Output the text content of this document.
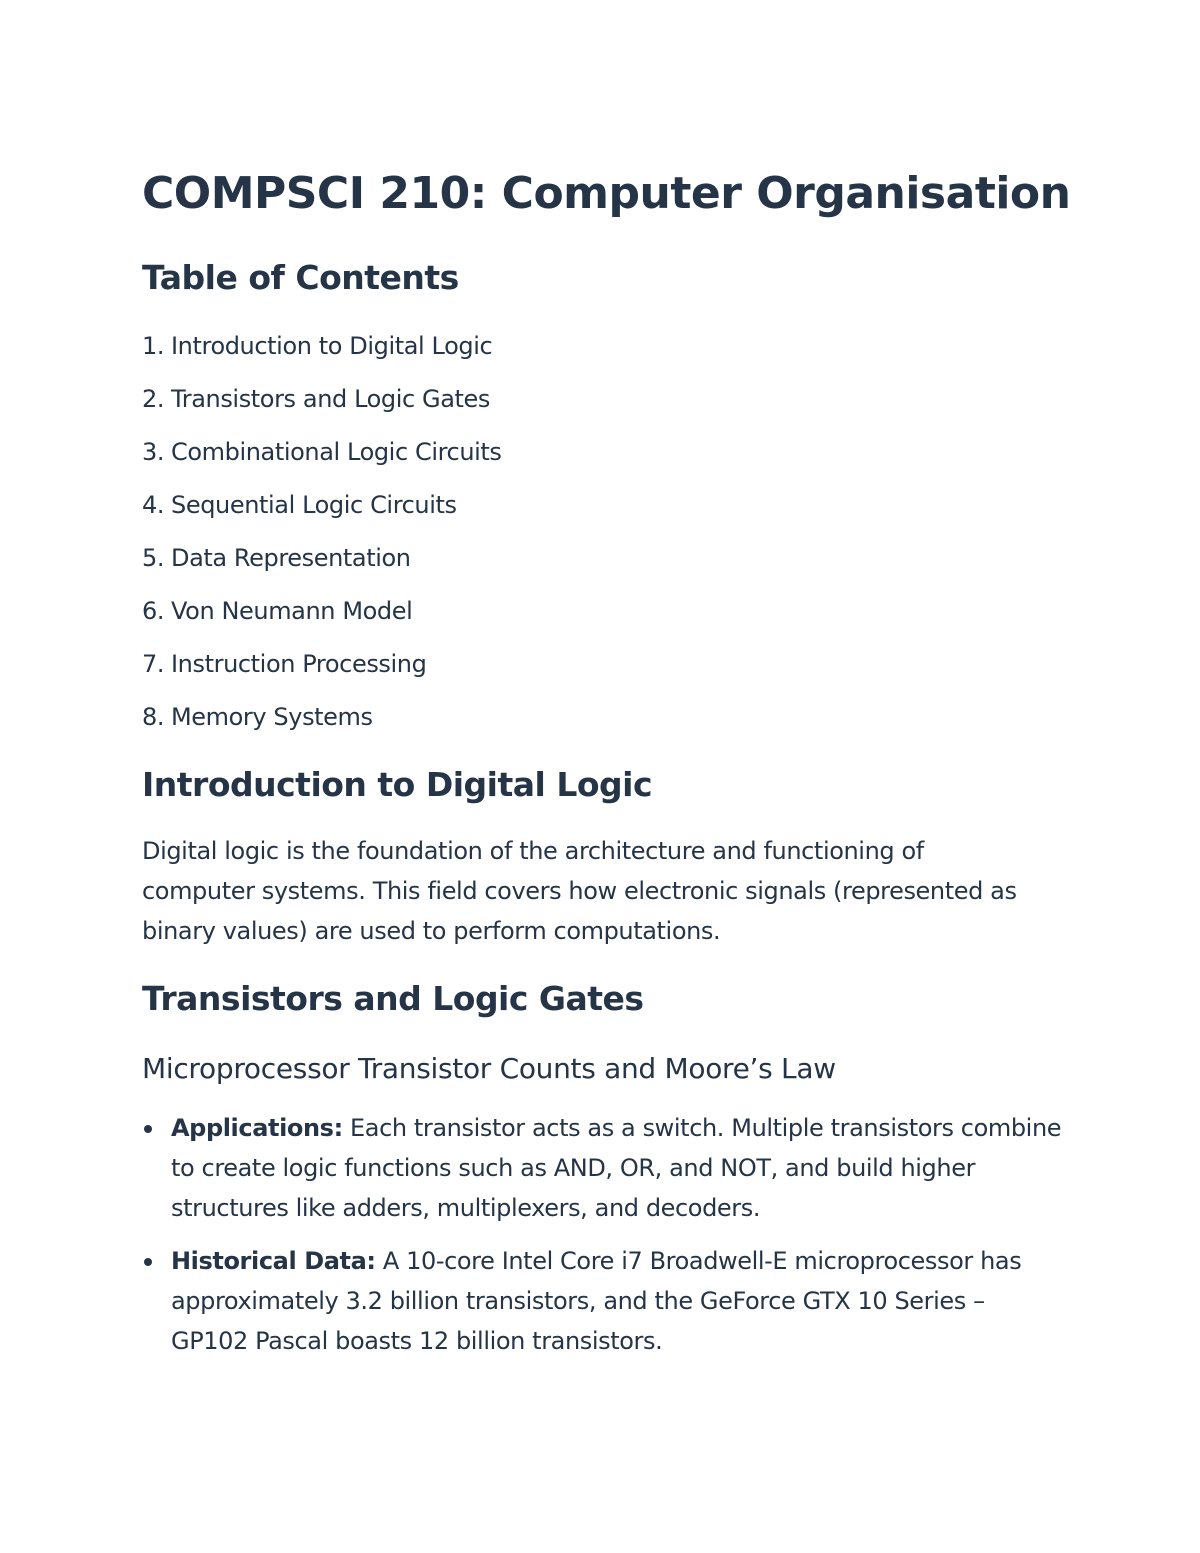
COMPSCI 210: Computer Organisation
Table of Contents
1. Introduction to Digital Logic
2. Transistors and Logic Gates
3. Combinational Logic Circuits
4. Sequential Logic Circuits
5. Data Representation
6. Von Neumann Model
7. Instruction Processing
8. Memory Systems
Introduction to Digital Logic

Digital logic is the foundation of the architecture and functioning of computer systems. This field covers how electronic signals (represented as binary values) are used to perform computations.

Transistors and Logic Gates
Microprocessor Transistor Counts and Moore’s Law
Applications: Each transistor acts as a switch. Multiple transistors combine to create logic functions such as AND, OR, and NOT, and build higher structures like adders, multiplexers, and decoders.
Historical Data: A 10-core Intel Core i7 Broadwell-E microprocessor has approximately 3.2 billion transistors, and the GeForce GTX 10 Series – GP102 Pascal boasts 12 billion transistors.
